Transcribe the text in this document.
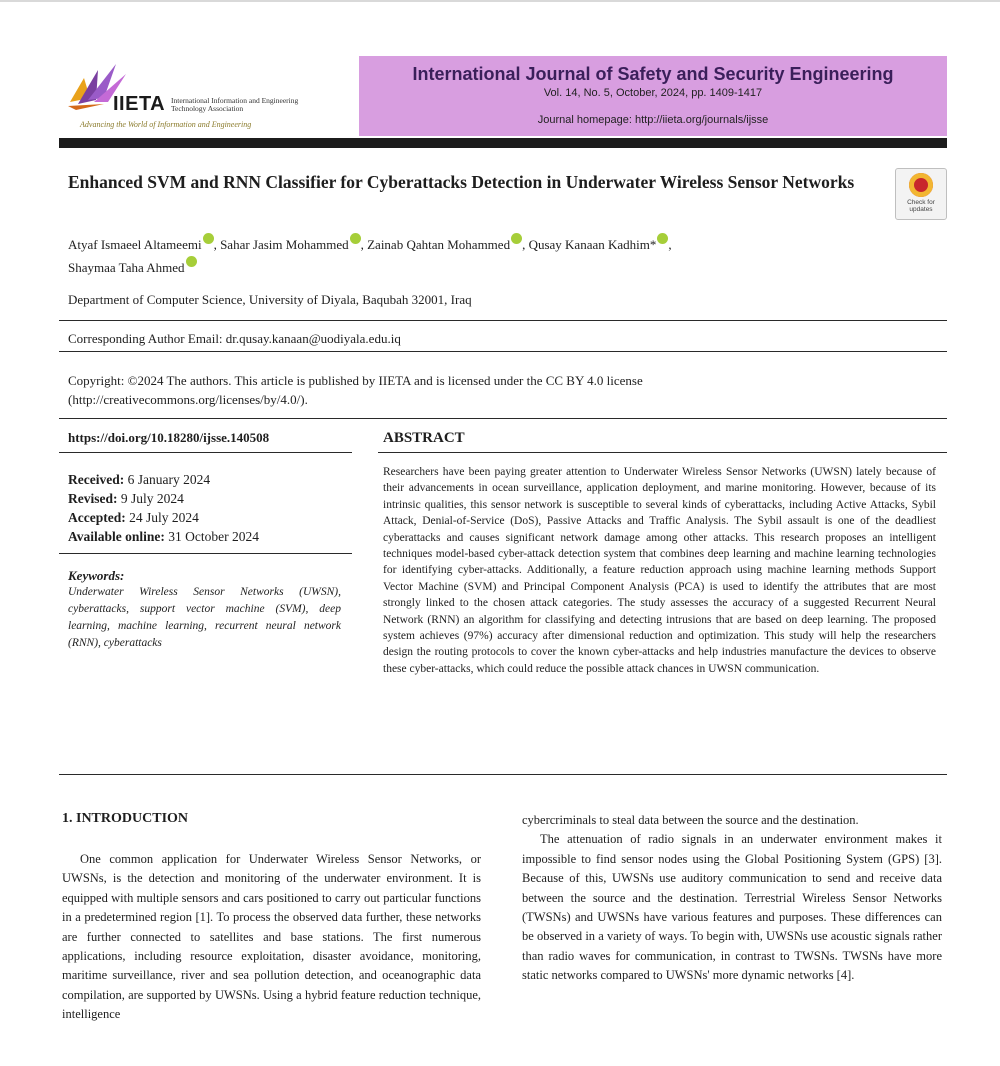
IIETA International Information and Engineering Technology Association
Advancing the World of Information and Engineering
International Journal of Safety and Security Engineering
Vol. 14, No. 5, October, 2024, pp. 1409-1417
Journal homepage: http://iieta.org/journals/ijsse
Enhanced SVM and RNN Classifier for Cyberattacks Detection in Underwater Wireless Sensor Networks
Check for updates
Atyaf Ismaeel Altameemi , Sahar Jasim Mohammed , Zainab Qahtan Mohammed , Qusay Kanaan Kadhim* ,
Shaymaa Taha Ahmed
Department of Computer Science, University of Diyala, Baqubah 32001, Iraq
Corresponding Author Email: dr.qusay.kanaan@uodiyala.edu.iq
Copyright: ©2024 The authors. This article is published by IIETA and is licensed under the CC BY 4.0 license
(http://creativecommons.org/licenses/by/4.0/).
https://doi.org/10.18280/ijsse.140508
Received: 6 January 2024
Revised: 9 July 2024
Accepted: 24 July 2024
Available online: 31 October 2024
Keywords:
Underwater Wireless Sensor Networks (UWSN), cyberattacks, support vector machine (SVM), deep learning, machine learning, recurrent neural network (RNN), cyberattacks
ABSTRACT
Researchers have been paying greater attention to Underwater Wireless Sensor Networks (UWSN) lately because of their advancements in ocean surveillance, application deployment, and marine monitoring. However, because of its intrinsic qualities, this sensor network is susceptible to several kinds of cyberattacks, including Active Attacks, Sybil Attack, Denial-of-Service (DoS), Passive Attacks and Traffic Analysis. The Sybil assault is one of the deadliest cyberattacks and causes significant network damage among other attacks. This research proposes an intelligent techniques model-based cyber-attack detection system that combines deep learning and machine learning technologies for identifying cyber-attacks. Additionally, a feature reduction approach using machine learning methods Support Vector Machine (SVM) and Principal Component Analysis (PCA) is used to identify the attributes that are most strongly linked to the chosen attack categories. The study assesses the accuracy of a suggested Recurrent Neural Network (RNN) an algorithm for classifying and detecting intrusions that are based on deep learning. The proposed system achieves (97%) accuracy after dimensional reduction and optimization. This study will help the researchers design the routing protocols to cover the known cyber-attacks and help industries manufacture the devices to observe these cyber-attacks, which could reduce the possible attack chances in UWSN communication.
1. INTRODUCTION

One common application for Underwater Wireless Sensor Networks, or UWSNs, is the detection and monitoring of the underwater environment. It is equipped with multiple sensors and cars positioned to carry out particular functions in a predetermined region [1]. To process the observed data further, these networks are further connected to satellites and base stations. The first numerous applications, including resource exploitation, disaster avoidance, monitoring, maritime surveillance, river and sea pollution detection, and oceanographic data compilation, are supported by UWSNs. Using a hybrid feature reduction technique, intelligence

cybercriminals to steal data between the source and the destination.

The attenuation of radio signals in an underwater environment makes it impossible to find sensor nodes using the Global Positioning System (GPS) [3]. Because of this, UWSNs use auditory communication to send and receive data between the source and the destination. Terrestrial Wireless Sensor Networks (TWSNs) and UWSNs have various features and purposes. These differences can be observed in a variety of ways. To begin with, UWSNs use acoustic signals rather than radio waves for communication, in contrast to TWSNs. TWSNs have more static networks compared to UWSNs' more dynamic networks [4].
